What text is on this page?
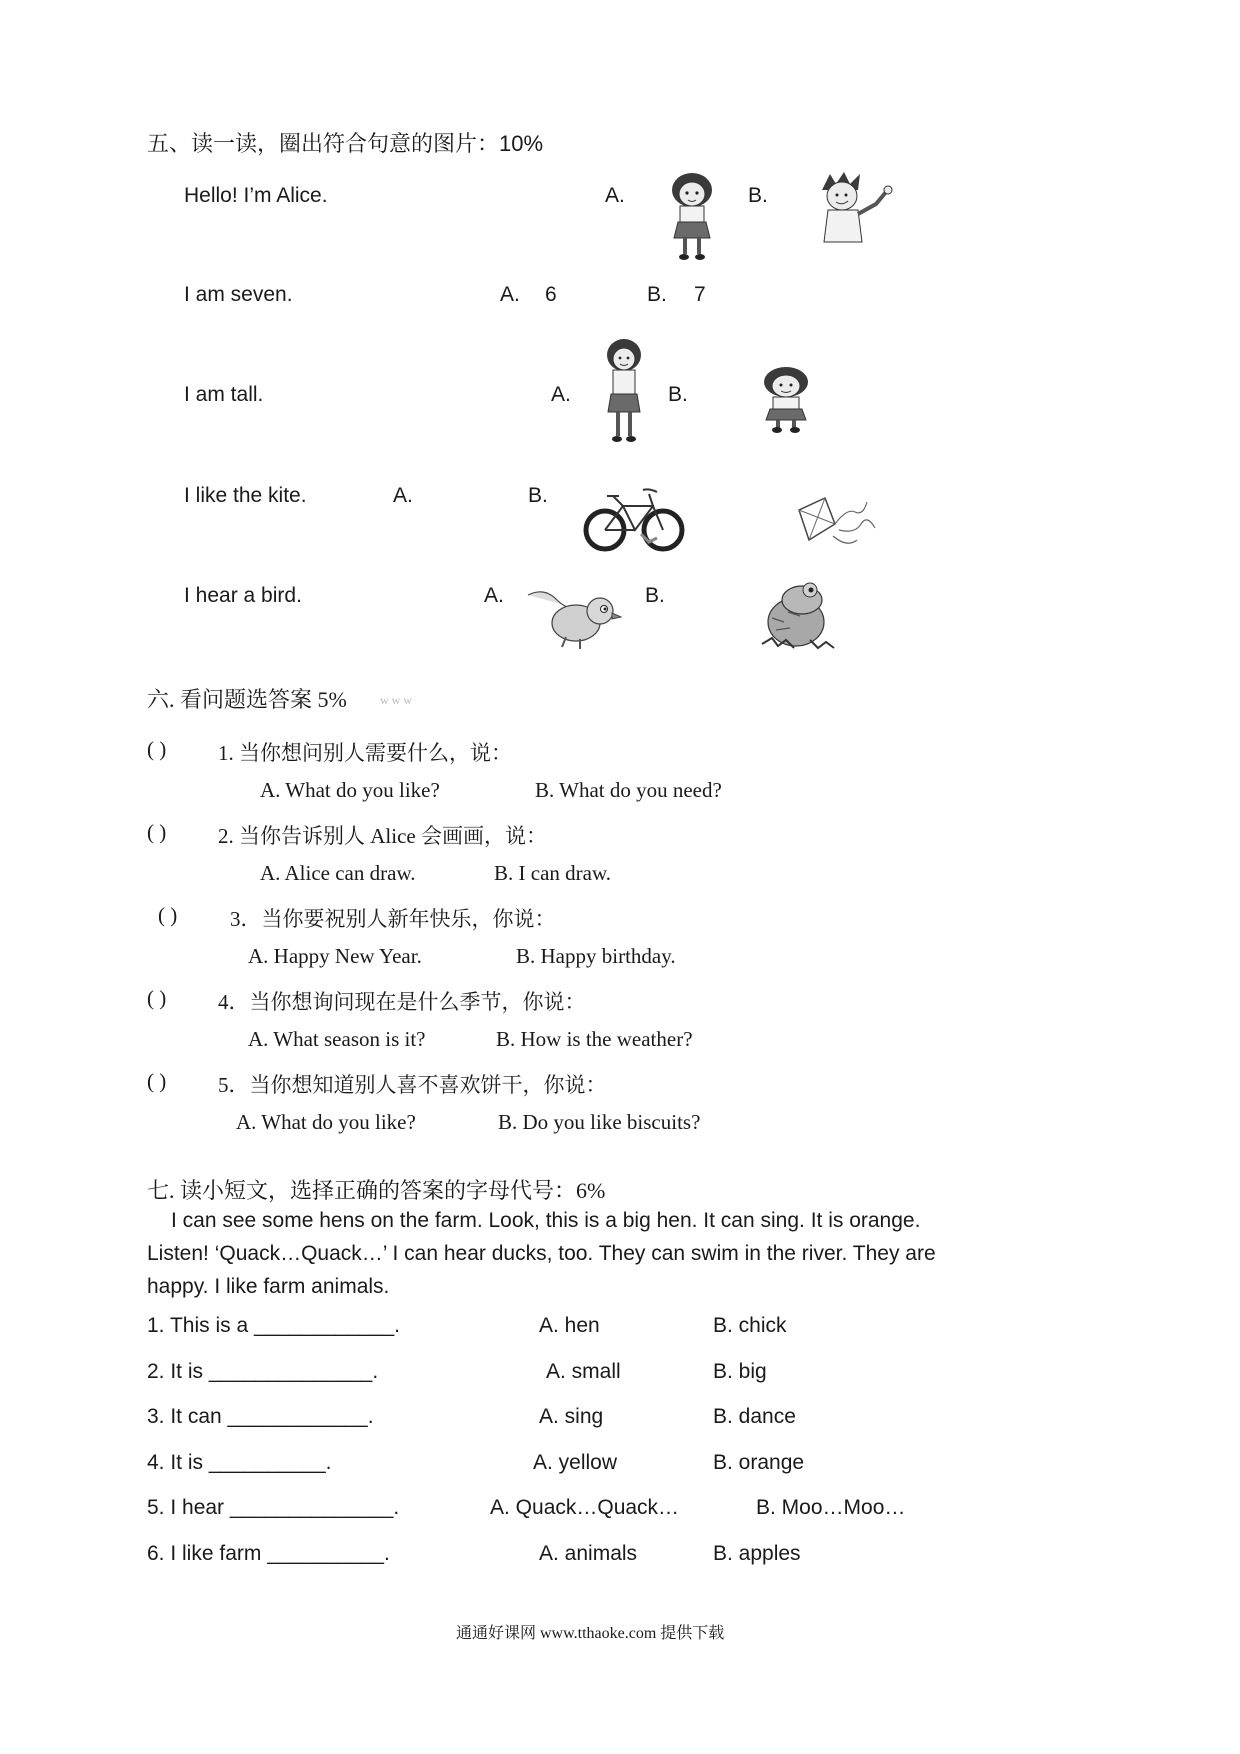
五、读一读，圈出符合句意的图片：10%
Hello! I’m Alice.	A.	B.
I am seven.	A. 6	B. 7
I am tall.	A.	B.
I like the kite.	A.	B.
I hear a bird.	A.	B.
六. 看问题选答案 5%	w w w
( ) 1. 当你想问别人需要什么，说：
A. What do you like?	B. What do you need?
( ) 2. 当你告诉别人 Alice 会画画，说：
A. Alice can draw.	B. I can draw.
( )	3．当你要祝别人新年快乐，你说：
A. Happy New Year.	B. Happy birthday.
( ) 4．当你想询问现在是什么季节，你说：
A. What season is it?	B. How is the weather?
( ) 5．当你想知道别人喜不喜欢饼干，你说：
A. What do you like?	B. Do you like biscuits?
七. 读小短文，选择正确的答案的字母代号：6%
I can see some hens on the farm. Look, this is a big hen. It can sing. It is orange.
Listen! ‘Quack…Quack…’ I can hear ducks, too. They can swim in the river. They are
happy. I like farm animals.
1. This is a ____________.	A. hen	B. chick
2. It is ______________.	A. small	B. big
3. It can ____________.	A. sing	B. dance
4. It is __________.	A. yellow	B. orange
5. I hear ______________.	A. Quack…Quack…	B. Moo…Moo…
6. I like farm __________.	A. animals	B. apples
通通好课网 www.tthaoke.com 提供下载
